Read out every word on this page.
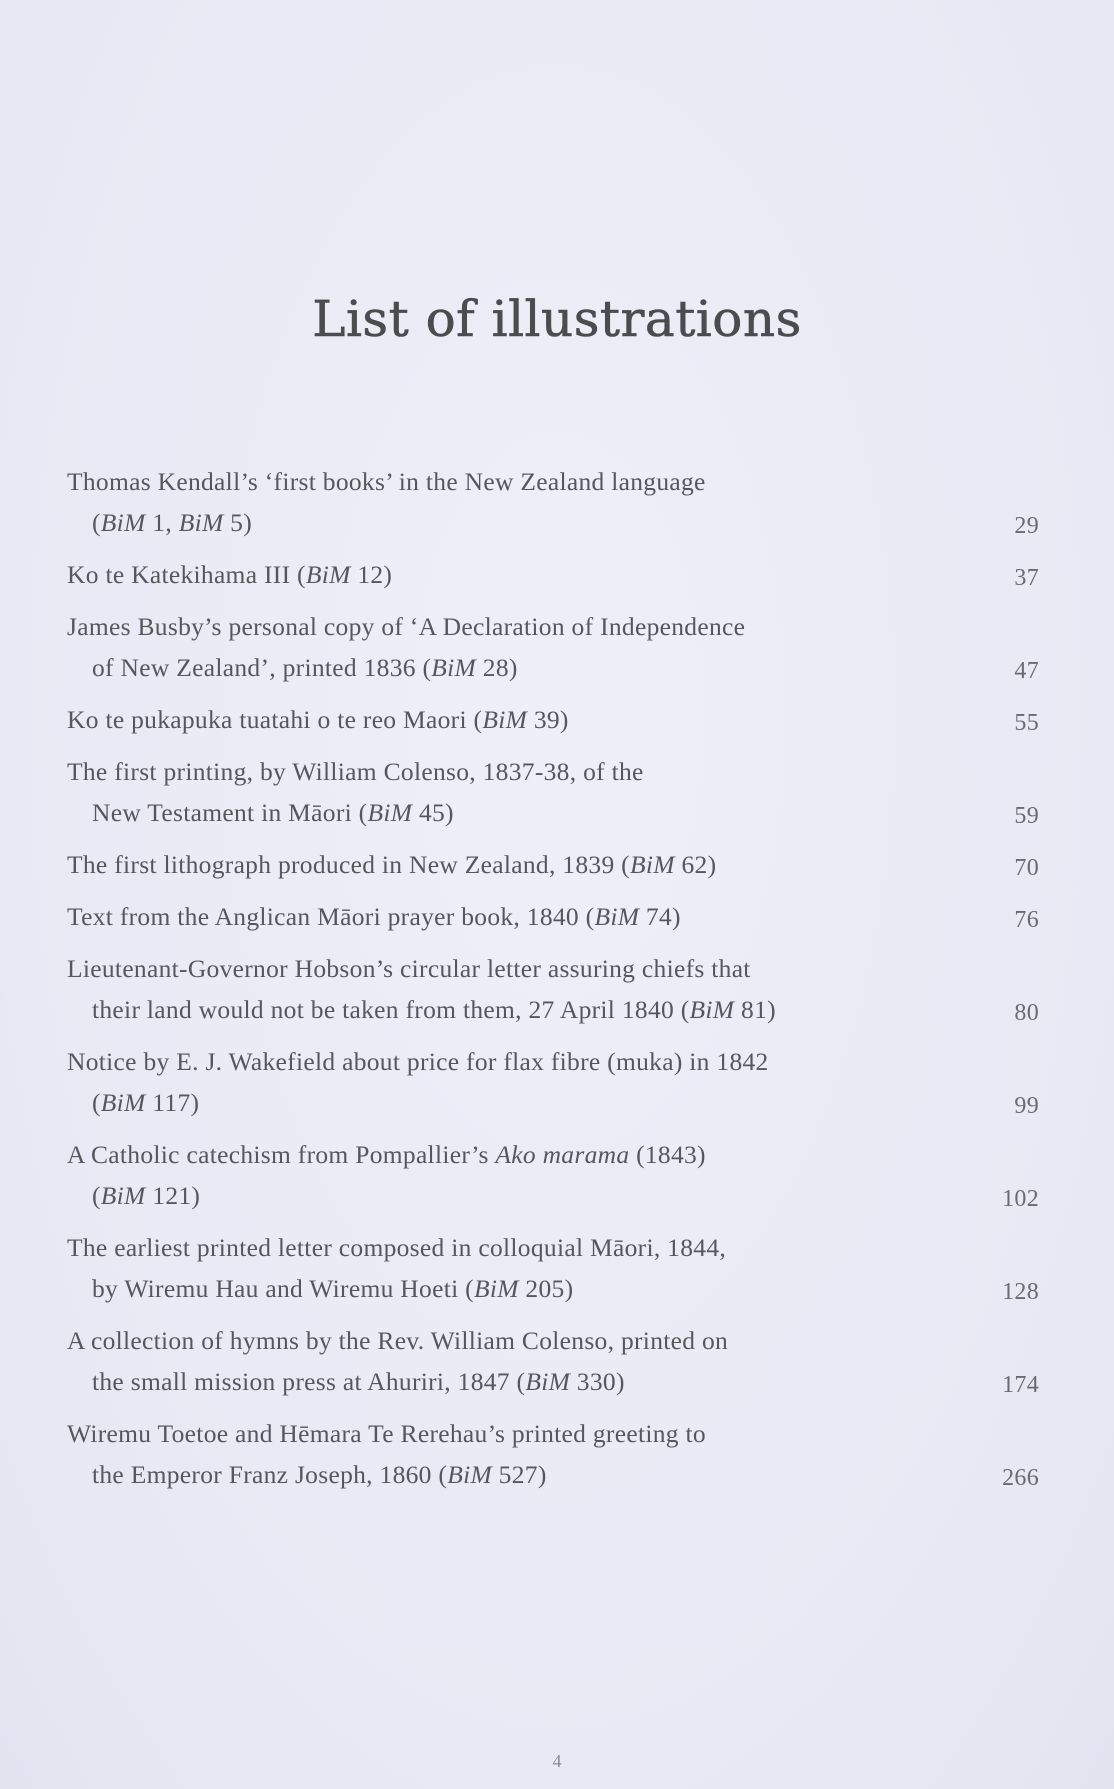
List of illustrations
Thomas Kendall’s ‘first books’ in the New Zealand language
(BiM 1, BiM 5)	29
Ko te Katekihama III (BiM 12)	37
James Busby’s personal copy of ‘A Declaration of Independence
of New Zealand’, printed 1836 (BiM 28)	47
Ko te pukapuka tuatahi o te reo Maori (BiM 39)	55
The first printing, by William Colenso, 1837-38, of the
New Testament in Māori (BiM 45)	59
The first lithograph produced in New Zealand, 1839 (BiM 62)	70
Text from the Anglican Māori prayer book, 1840 (BiM 74)	76
Lieutenant-Governor Hobson’s circular letter assuring chiefs that
their land would not be taken from them, 27 April 1840 (BiM 81)	80
Notice by E. J. Wakefield about price for flax fibre (muka) in 1842
(BiM 117)	99
A Catholic catechism from Pompallier’s Ako marama (1843)
(BiM 121)	102
The earliest printed letter composed in colloquial Māori, 1844,
by Wiremu Hau and Wiremu Hoeti (BiM 205)	128
A collection of hymns by the Rev. William Colenso, printed on
the small mission press at Ahuriri, 1847 (BiM 330)	174
Wiremu Toetoe and Hēmara Te Rerehau’s printed greeting to
the Emperor Franz Joseph, 1860 (BiM 527)	266
4
